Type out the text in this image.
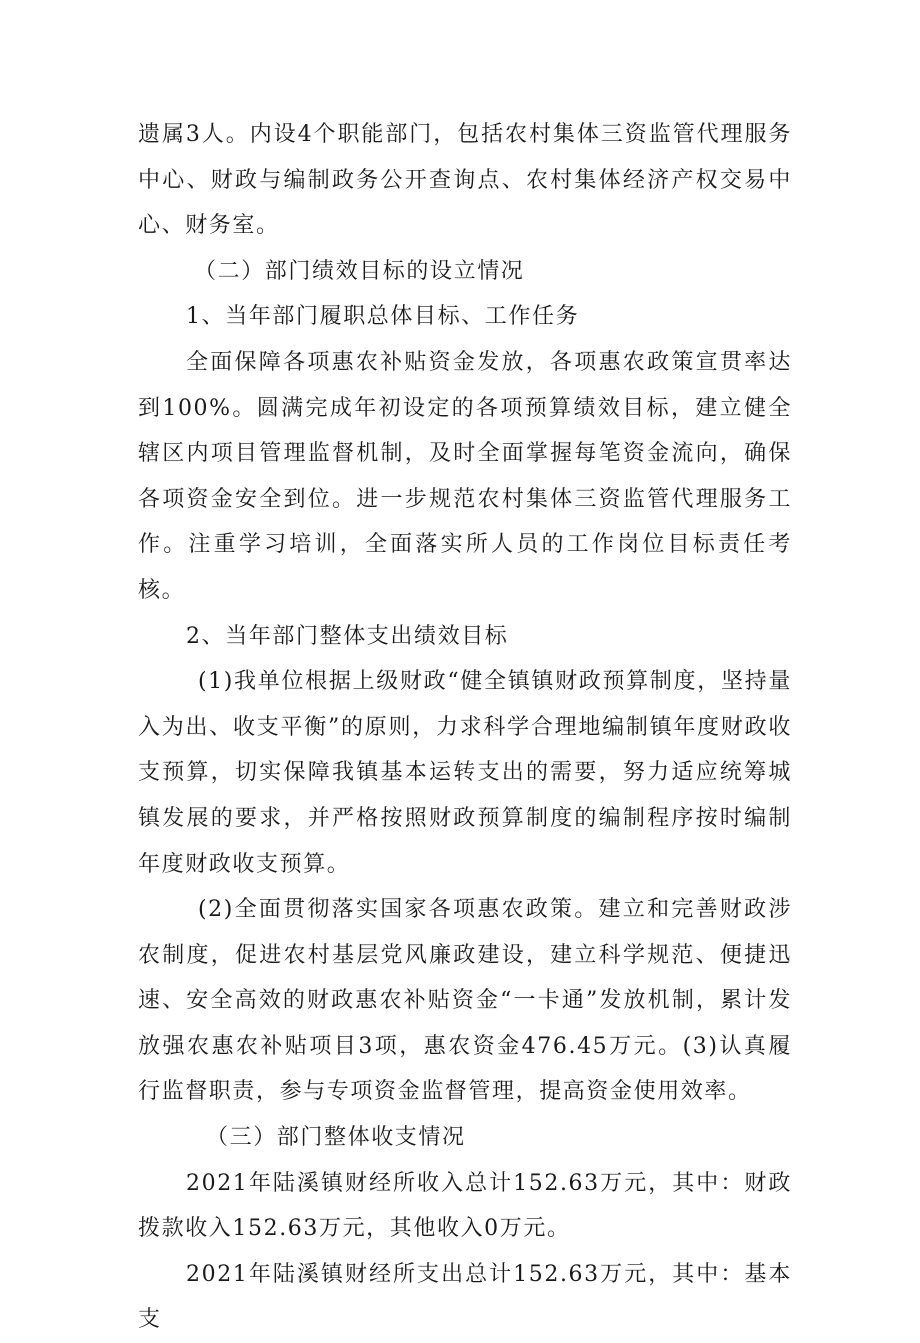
遗属3人。内设4个职能部门，包括农村集体三资监管代理服务中心、财政与编制政务公开查询点、农村集体经济产权交易中心、财务室。

（二）部门绩效目标的设立情况

1、当年部门履职总体目标、工作任务

全面保障各项惠农补贴资金发放，各项惠农政策宣贯率达到100%。圆满完成年初设定的各项预算绩效目标，建立健全辖区内项目管理监督机制，及时全面掌握每笔资金流向，确保各项资金安全到位。进一步规范农村集体三资监管代理服务工作。注重学习培训，全面落实所人员的工作岗位目标责任考核。

2、当年部门整体支出绩效目标

(1)我单位根据上级财政“健全镇镇财政预算制度，坚持量入为出、收支平衡”的原则，力求科学合理地编制镇年度财政收支预算，切实保障我镇基本运转支出的需要，努力适应统筹城镇发展的要求，并严格按照财政预算制度的编制程序按时编制年度财政收支预算。

(2)全面贯彻落实国家各项惠农政策。建立和完善财政涉农制度，促进农村基层党风廉政建设，建立科学规范、便捷迅速、安全高效的财政惠农补贴资金“一卡通”发放机制，累计发放强农惠农补贴项目3项，惠农资金476.45万元。(3)认真履行监督职责，参与专项资金监督管理，提高资金使用效率。

（三）部门整体收支情况

2021年陆溪镇财经所收入总计152.63万元，其中：财政拨款收入152.63万元，其他收入0万元。

2021年陆溪镇财经所支出总计152.63万元，其中：基本支
